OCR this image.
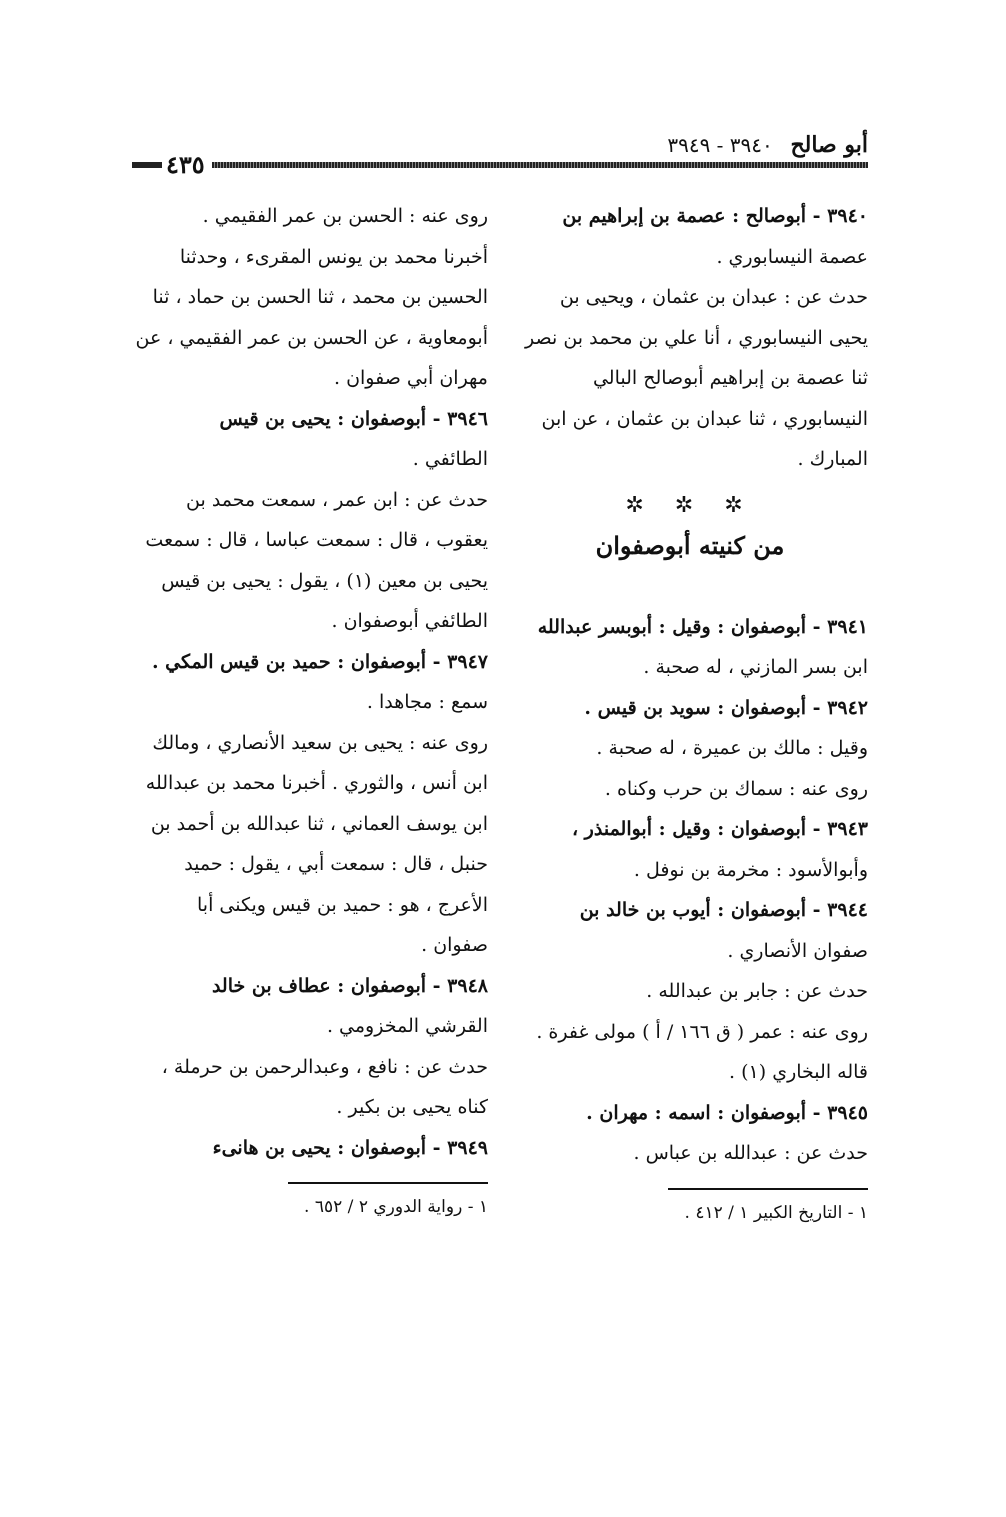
أبو صالح ٣٩٤٠ - ٣٩٤٩
٤٣٥
٣٩٤٠ - أبوصالح : عصمة بن إبراهيم بن
عصمة النيسابوري .
حدث عن : عبدان بن عثمان ، ويحيى بن
يحيى النيسابوري ، أنا علي بن محمد بن نصر
ثنا عصمة بن إبراهيم أبوصالح البالي
النيسابوري ، ثنا عبدان بن عثمان ، عن ابن
المبارك .
✲ ✲ ✲
من كنيته أبوصفوان
٣٩٤١ - أبوصفوان : وقيل : أبوبسر عبدالله
ابن بسر المازني ، له صحبة .
٣٩٤٢ - أبوصفوان : سويد بن قيس .
وقيل : مالك بن عميرة ، له صحبة .
روى عنه : سماك بن حرب وكناه .
٣٩٤٣ - أبوصفوان : وقيل : أبوالمنذر ،
وأبوالأسود : مخرمة بن نوفل .
٣٩٤٤ - أبوصفوان : أيوب بن خالد بن
صفوان الأنصاري .
حدث عن : جابر بن عبدالله .
روى عنه : عمر ( ق ١٦٦ / أ ) مولى غفرة .
قاله البخاري (١) .
٣٩٤٥ - أبوصفوان : اسمه : مهران .
حدث عن : عبدالله بن عباس .
١ - التاريخ الكبير ١ / ٤١٢ .
روى عنه : الحسن بن عمر الفقيمي .
أخبرنا محمد بن يونس المقرىء ، وحدثنا
الحسين بن محمد ، ثنا الحسن بن حماد ، ثنا
أبومعاوية ، عن الحسن بن عمر الفقيمي ، عن
مهران أبي صفوان .
٣٩٤٦ - أبوصفوان : يحيى بن قيس
الطائفي .
حدث عن : ابن عمر ، سمعت محمد بن
يعقوب ، قال : سمعت عباسا ، قال : سمعت
يحيى بن معين (١) ، يقول : يحيى بن قيس
الطائفي أبوصفوان .
٣٩٤٧ - أبوصفوان : حميد بن قيس المكي .
سمع : مجاهدا .
روى عنه : يحيى بن سعيد الأنصاري ، ومالك
ابن أنس ، والثوري . أخبرنا محمد بن عبدالله
ابن يوسف العماني ، ثنا عبدالله بن أحمد بن
حنبل ، قال : سمعت أبي ، يقول : حميد
الأعرج ، هو : حميد بن قيس ويكنى أبا
صفوان .
٣٩٤٨ - أبوصفوان : عطاف بن خالد
القرشي المخزومي .
حدث عن : نافع ، وعبدالرحمن بن حرملة ،
كناه يحيى بن بكير .
٣٩٤٩ - أبوصفوان : يحيى بن هانىء
١ - رواية الدوري ٢ / ٦٥٢ .
